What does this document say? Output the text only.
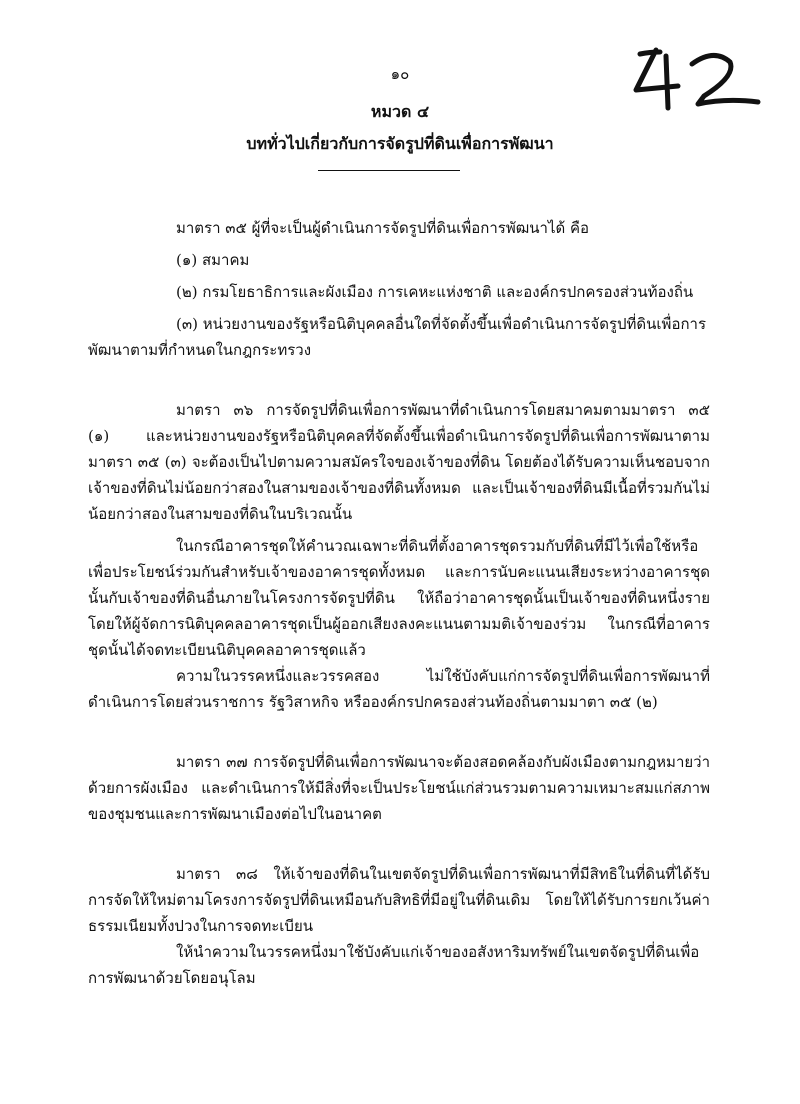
๑๐
หมวด ๔
บททั่วไปเกี่ยวกับการจัดรูปที่ดินเพื่อการพัฒนา

มาตรา ๓๕ ผู้ที่จะเป็นผู้ดำเนินการจัดรูปที่ดินเพื่อการพัฒนาได้ คือ

(๑) สมาคม

(๒) กรมโยธาธิการและผังเมือง การเคหะแห่งชาติ และองค์กรปกครองส่วนท้องถิ่น

(๓) หน่วยงานของรัฐหรือนิติบุคคลอื่นใดที่จัดตั้งขึ้นเพื่อดำเนินการจัดรูปที่ดินเพื่อการพัฒนาตามที่กำหนดในกฎกระทรวง

มาตรา ๓๖ การจัดรูปที่ดินเพื่อการพัฒนาที่ดำเนินการโดยสมาคมตามมาตรา ๓๕ (๑) และหน่วยงานของรัฐหรือนิติบุคคลที่จัดตั้งขึ้นเพื่อดำเนินการจัดรูปที่ดินเพื่อการพัฒนาตามมาตรา ๓๕ (๓) จะต้องเป็นไปตามความสมัครใจของเจ้าของที่ดิน โดยต้องได้รับความเห็นชอบจากเจ้าของที่ดินไม่น้อยกว่าสองในสามของเจ้าของที่ดินทั้งหมด และเป็นเจ้าของที่ดินมีเนื้อที่รวมกันไม่น้อยกว่าสองในสามของที่ดินในบริเวณนั้น

ในกรณีอาคารชุดให้คำนวณเฉพาะที่ดินที่ตั้งอาคารชุดรวมกับที่ดินที่มีไว้เพื่อใช้หรือเพื่อประโยชน์ร่วมกันสำหรับเจ้าของอาคารชุดทั้งหมด และการนับคะแนนเสียงระหว่างอาคารชุดนั้นกับเจ้าของที่ดินอื่นภายในโครงการจัดรูปที่ดิน ให้ถือว่าอาคารชุดนั้นเป็นเจ้าของที่ดินหนึ่งราย โดยให้ผู้จัดการนิติบุคคลอาคารชุดเป็นผู้ออกเสียงลงคะแนนตามมติเจ้าของร่วม ในกรณีที่อาคารชุดนั้นได้จดทะเบียนนิติบุคคลอาคารชุดแล้ว

ความในวรรคหนึ่งและวรรคสอง ไม่ใช้บังคับแก่การจัดรูปที่ดินเพื่อการพัฒนาที่ดำเนินการโดยส่วนราชการ รัฐวิสาหกิจ หรือองค์กรปกครองส่วนท้องถิ่นตามมาตา ๓๕ (๒)

มาตรา ๓๗ การจัดรูปที่ดินเพื่อการพัฒนาจะต้องสอดคล้องกับผังเมืองตามกฎหมายว่าด้วยการผังเมือง และดำเนินการให้มีสิ่งที่จะเป็นประโยชน์แก่ส่วนรวมตามความเหมาะสมแก่สภาพของชุมชนและการพัฒนาเมืองต่อไปในอนาคต

มาตรา ๓๘ ให้เจ้าของที่ดินในเขตจัดรูปที่ดินเพื่อการพัฒนาที่มีสิทธิในที่ดินที่ได้รับการจัดให้ใหม่ตามโครงการจัดรูปที่ดินเหมือนกับสิทธิที่มีอยู่ในที่ดินเดิม โดยให้ได้รับการยกเว้นค่าธรรมเนียมทั้งปวงในการจดทะเบียน

ให้นำความในวรรคหนึ่งมาใช้บังคับแก่เจ้าของอสังหาริมทรัพย์ในเขตจัดรูปที่ดินเพื่อการพัฒนาด้วยโดยอนุโลม
